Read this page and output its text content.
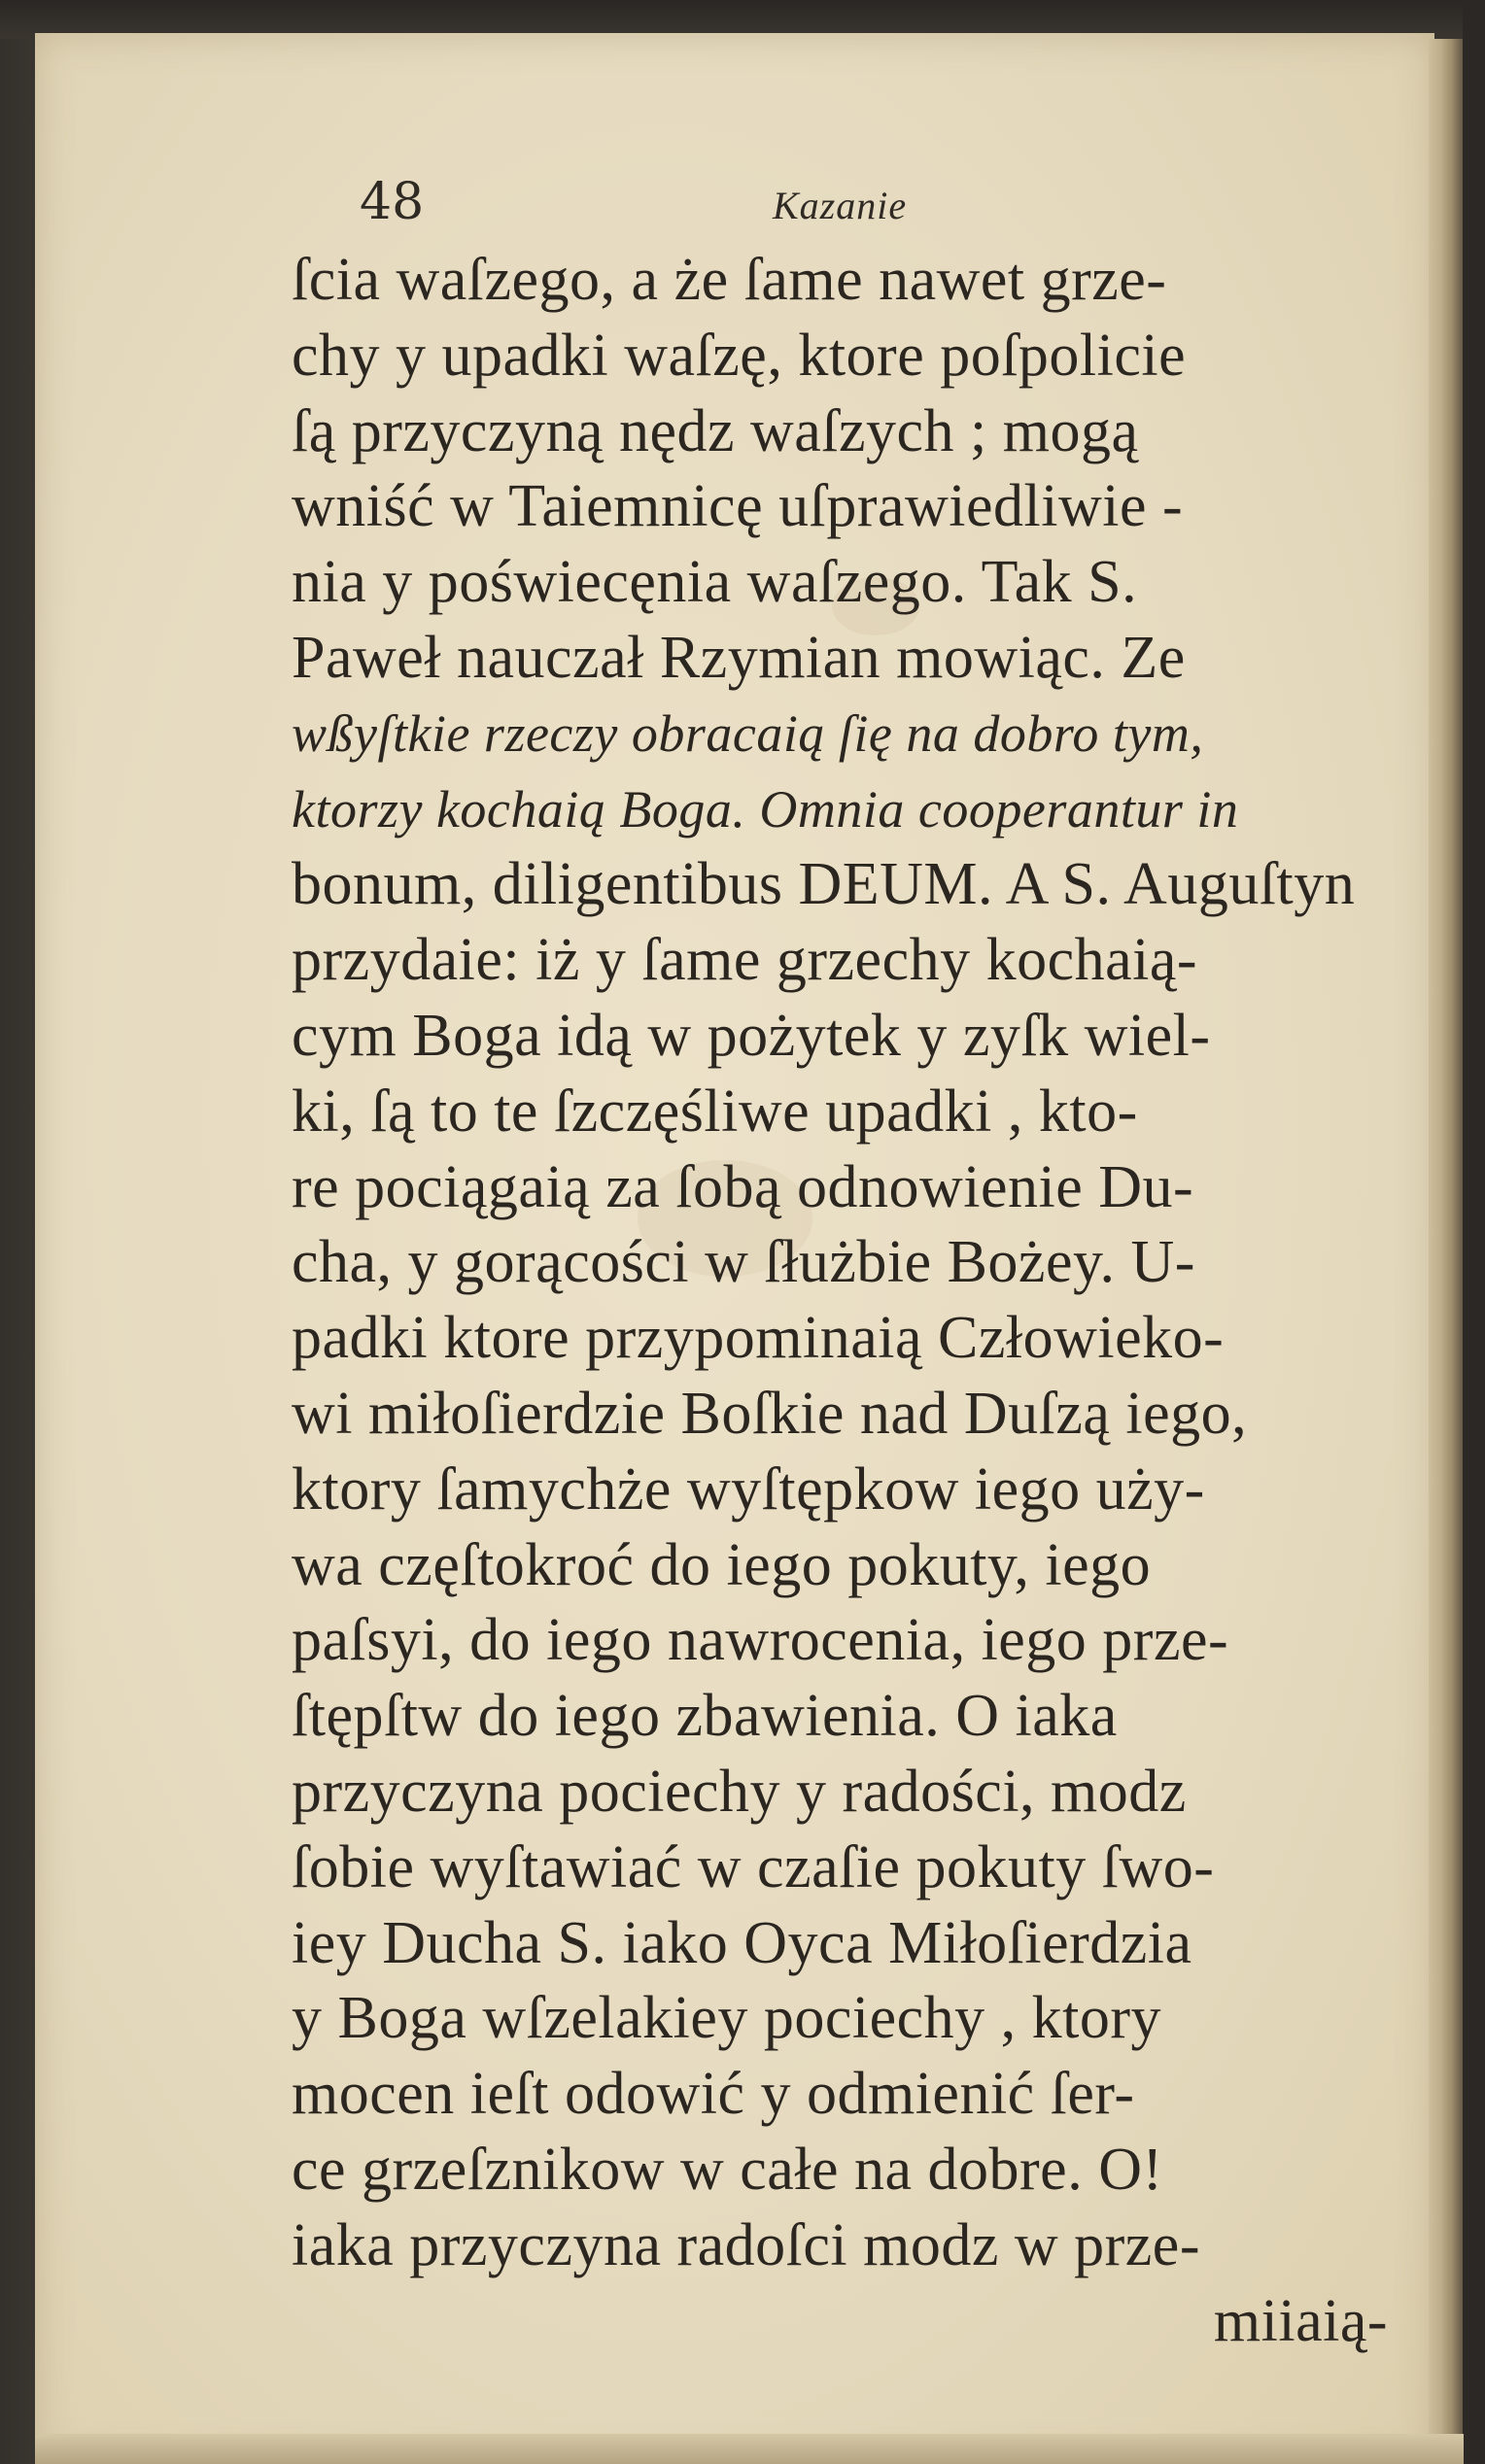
48	Kazanie
ſcia waſzego, a że ſame nawet grze-
chy y upadki waſzę, ktore poſpolicie
ſą przyczyną nędz waſzych ; mogą
wniść w Taiemnicę uſprawiedliwie -
nia y poświecęnia waſzego. Tak S.
Paweł nauczał Rzymian mowiąc. Ze
wßyſtkie rzeczy obracaią ſię na dobro tym,
ktorzy kochaią Boga. Omnia cooperantur in
bonum, diligentibus DEUM. A S. Auguſtyn
przydaie: iż y ſame grzechy kochaią-
cym Boga idą w pożytek y zyſk wiel-
ki, ſą to te ſzczęśliwe upadki , kto-
re pociągaią za ſobą odnowienie Du-
cha, y gorącości w ſłużbie Bożey. U-
padki ktore przypominaią Człowieko-
wi miłoſierdzie Boſkie nad Duſzą iego,
ktory ſamychże wyſtępkow iego uży-
wa częſtokroć do iego pokuty, iego
paſsyi, do iego nawrocenia, iego prze-
ſtępſtw do iego zbawienia. O iaka
przyczyna pociechy y radości, modz
ſobie wyſtawiać w czaſie pokuty ſwo-
iey Ducha S. iako Oyca Miłoſierdzia
y Boga wſzelakiey pociechy , ktory
mocen ieſt odowić y odmienić ſer-
ce grzeſznikow w całe na dobre. O!
iaka przyczyna radoſci modz w prze-
miiaią-
